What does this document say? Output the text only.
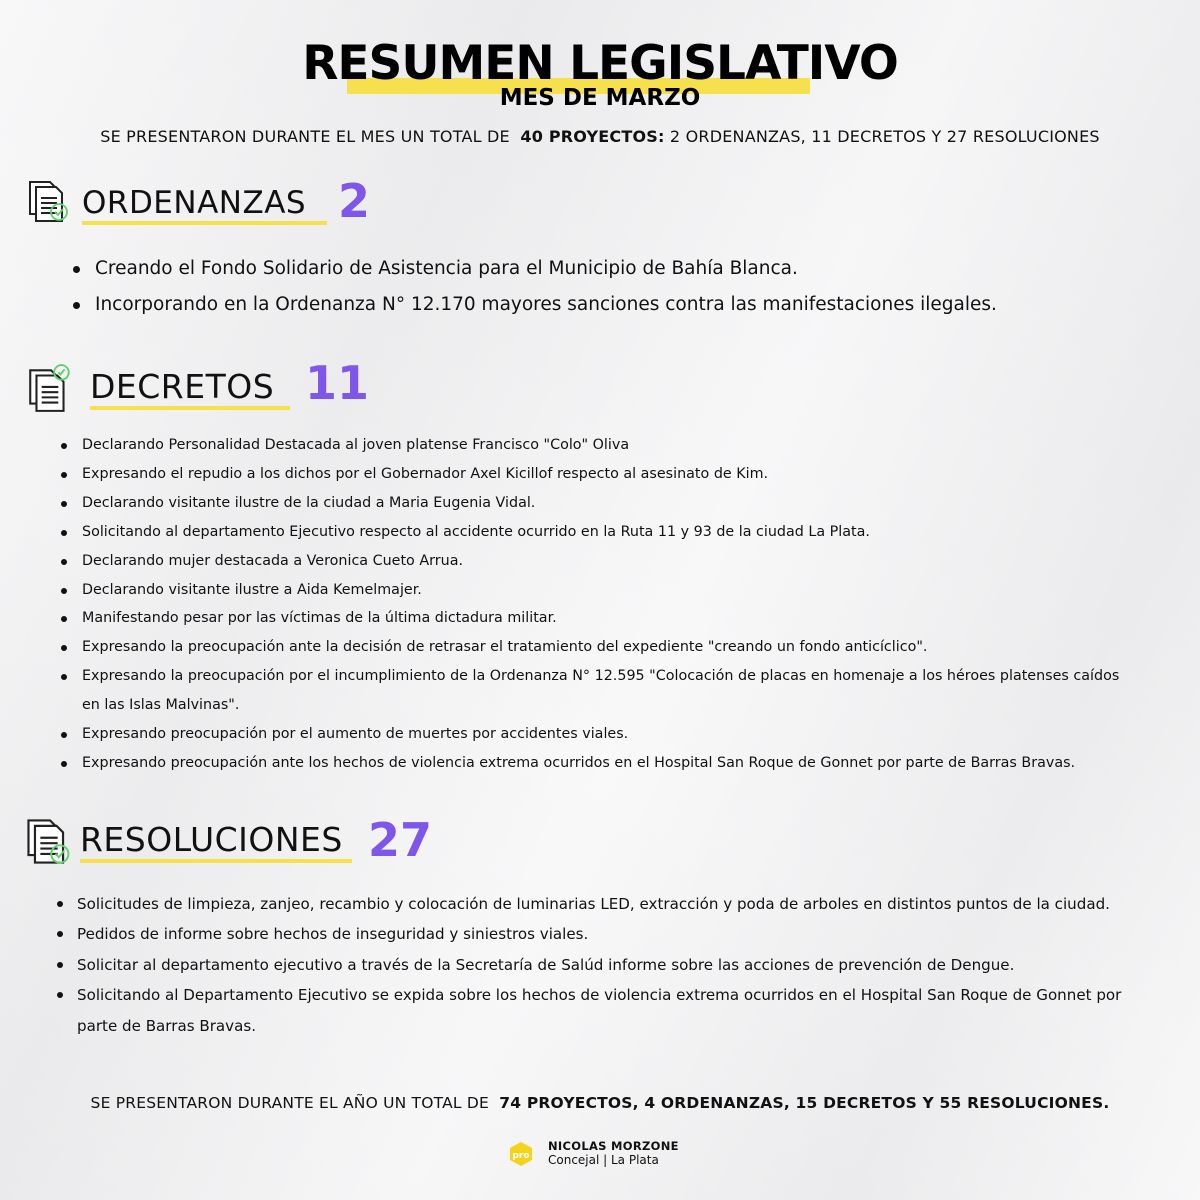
RESUMEN LEGISLATIVO
MES DE MARZO
SE PRESENTARON DURANTE EL MES UN TOTAL DE 40 PROYECTOS: 2 ORDENANZAS, 11 DECRETOS Y 27 RESOLUCIONES
ORDENANZAS 2
Creando el Fondo Solidario de Asistencia para el Municipio de Bahía Blanca.
Incorporando en la Ordenanza N° 12.170 mayores sanciones contra las manifestaciones ilegales.
DECRETOS 11
Declarando Personalidad Destacada al joven platense Francisco "Colo" Oliva
Expresando el repudio a los dichos por el Gobernador Axel Kicillof respecto al asesinato de Kim.
Declarando visitante ilustre de la ciudad a Maria Eugenia Vidal.
Solicitando al departamento Ejecutivo respecto al accidente ocurrido en la Ruta 11 y 93 de la ciudad La Plata.
Declarando mujer destacada a Veronica Cueto Arrua.
Declarando visitante ilustre a Aida Kemelmajer.
Manifestando pesar por las víctimas de la última dictadura militar.
Expresando la preocupación ante la decisión de retrasar el tratamiento del expediente "creando un fondo anticíclico".
Expresando la preocupación por el incumplimiento de la Ordenanza N° 12.595 "Colocación de placas en homenaje a los héroes platenses caídos en las Islas Malvinas".
Expresando preocupación por el aumento de muertes por accidentes viales.
Expresando preocupación ante los hechos de violencia extrema ocurridos en el Hospital San Roque de Gonnet por parte de Barras Bravas.
RESOLUCIONES 27
Solicitudes de limpieza, zanjeo, recambio y colocación de luminarias LED, extracción y poda de arboles en distintos puntos de la ciudad.
Pedidos de informe sobre hechos de inseguridad y siniestros viales.
Solicitar al departamento ejecutivo a través de la Secretaría de Salúd informe sobre las acciones de prevención de Dengue.
Solicitando al Departamento Ejecutivo se expida sobre los hechos de violencia extrema ocurridos en el Hospital San Roque de Gonnet por parte de Barras Bravas.
SE PRESENTARON DURANTE EL AÑO UN TOTAL DE 74 PROYECTOS, 4 ORDENANZAS, 15 DECRETOS Y 55 RESOLUCIONES.
pro
NICOLAS MORZONE
Concejal | La Plata
